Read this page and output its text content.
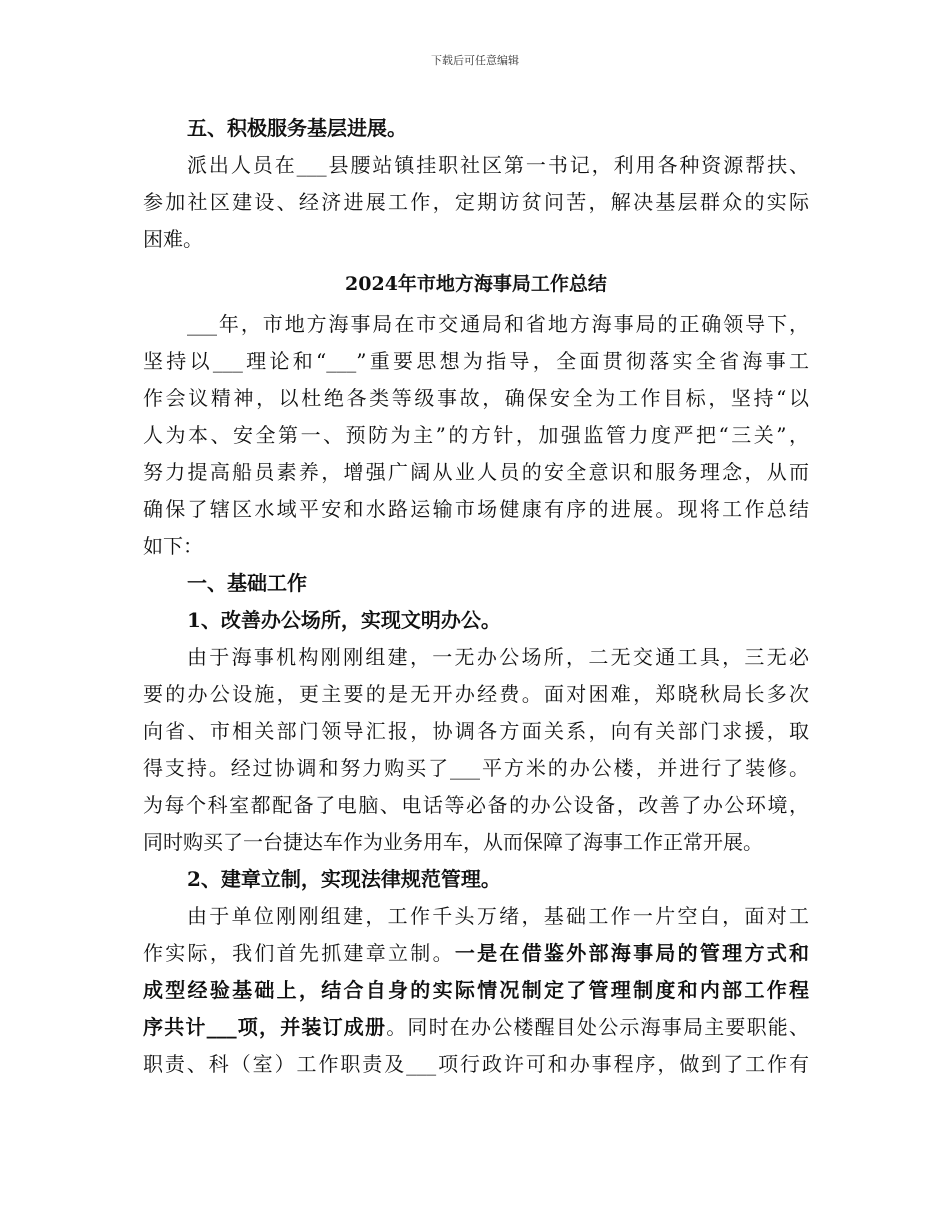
下载后可任意编辑
五、积极服务基层进展。
派出人员在___县腰站镇挂职社区第一书记，利用各种资源帮扶、
参加社区建设、经济进展工作，定期访贫问苦，解决基层群众的实际
困难。
2024年市地方海事局工作总结
___年，市地方海事局在市交通局和省地方海事局的正确领导下，
坚持以___理论和“___”重要思想为指导，全面贯彻落实全省海事工
作会议精神，以杜绝各类等级事故，确保安全为工作目标，坚持“以
人为本、安全第一、预防为主”的方针，加强监管力度严把“三关”，
努力提高船员素养，增强广阔从业人员的安全意识和服务理念，从而
确保了辖区水域平安和水路运输市场健康有序的进展。现将工作总结
如下：
一、基础工作
1、改善办公场所，实现文明办公。
由于海事机构刚刚组建，一无办公场所，二无交通工具，三无必
要的办公设施，更主要的是无开办经费。面对困难，郑晓秋局长多次
向省、市相关部门领导汇报，协调各方面关系，向有关部门求援，取
得支持。经过协调和努力购买了___平方米的办公楼，并进行了装修。
为每个科室都配备了电脑、电话等必备的办公设备，改善了办公环境，
同时购买了一台捷达车作为业务用车，从而保障了海事工作正常开展。
2、建章立制，实现法律规范管理。
由于单位刚刚组建，工作千头万绪，基础工作一片空白，面对工
作实际，我们首先抓建章立制。一是在借鉴外部海事局的管理方式和
成型经验基础上，结合自身的实际情况制定了管理制度和内部工作程
序共计___项，并装订成册。同时在办公楼醒目处公示海事局主要职能、
职责、科（室）工作职责及___项行政许可和办事程序，做到了工作有
